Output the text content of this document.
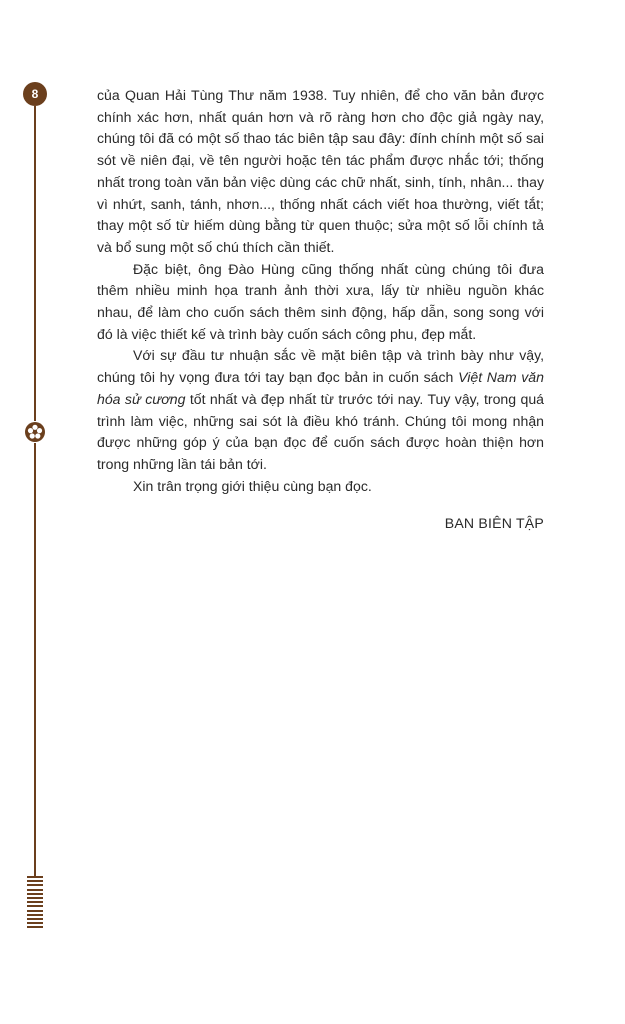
8	của Quan Hải Tùng Thư năm 1938. Tuy nhiên, để cho văn bản được chính xác hơn, nhất quán hơn và rõ ràng hơn cho độc giả ngày nay, chúng tôi đã có một số thao tác biên tập sau đây: đính chính một số sai sót về niên đại, về tên người hoặc tên tác phẩm được nhắc tới; thống nhất trong toàn văn bản việc dùng các chữ nhất, sinh, tính, nhân... thay vì nhứt, sanh, tánh, nhơn..., thống nhất cách viết hoa thường, viết tắt; thay một số từ hiếm dùng bằng từ quen thuộc; sửa một số lỗi chính tả và bổ sung một số chú thích cần thiết.

Đặc biệt, ông Đào Hùng cũng thống nhất cùng chúng tôi đưa thêm nhiều minh họa tranh ảnh thời xưa, lấy từ nhiều nguồn khác nhau, để làm cho cuốn sách thêm sinh động, hấp dẫn, song song với đó là việc thiết kế và trình bày cuốn sách công phu, đẹp mắt.

Với sự đầu tư nhuận sắc về mặt biên tập và trình bày như vậy, chúng tôi hy vọng đưa tới tay bạn đọc bản in cuốn sách Việt Nam văn hóa sử cương tốt nhất và đẹp nhất từ trước tới nay. Tuy vậy, trong quá trình làm việc, những sai sót là điều khó tránh. Chúng tôi mong nhận được những góp ý của bạn đọc để cuốn sách được hoàn thiện hơn trong những lần tái bản tới.

Xin trân trọng giới thiệu cùng bạn đọc.

BAN BIÊN TẬP
